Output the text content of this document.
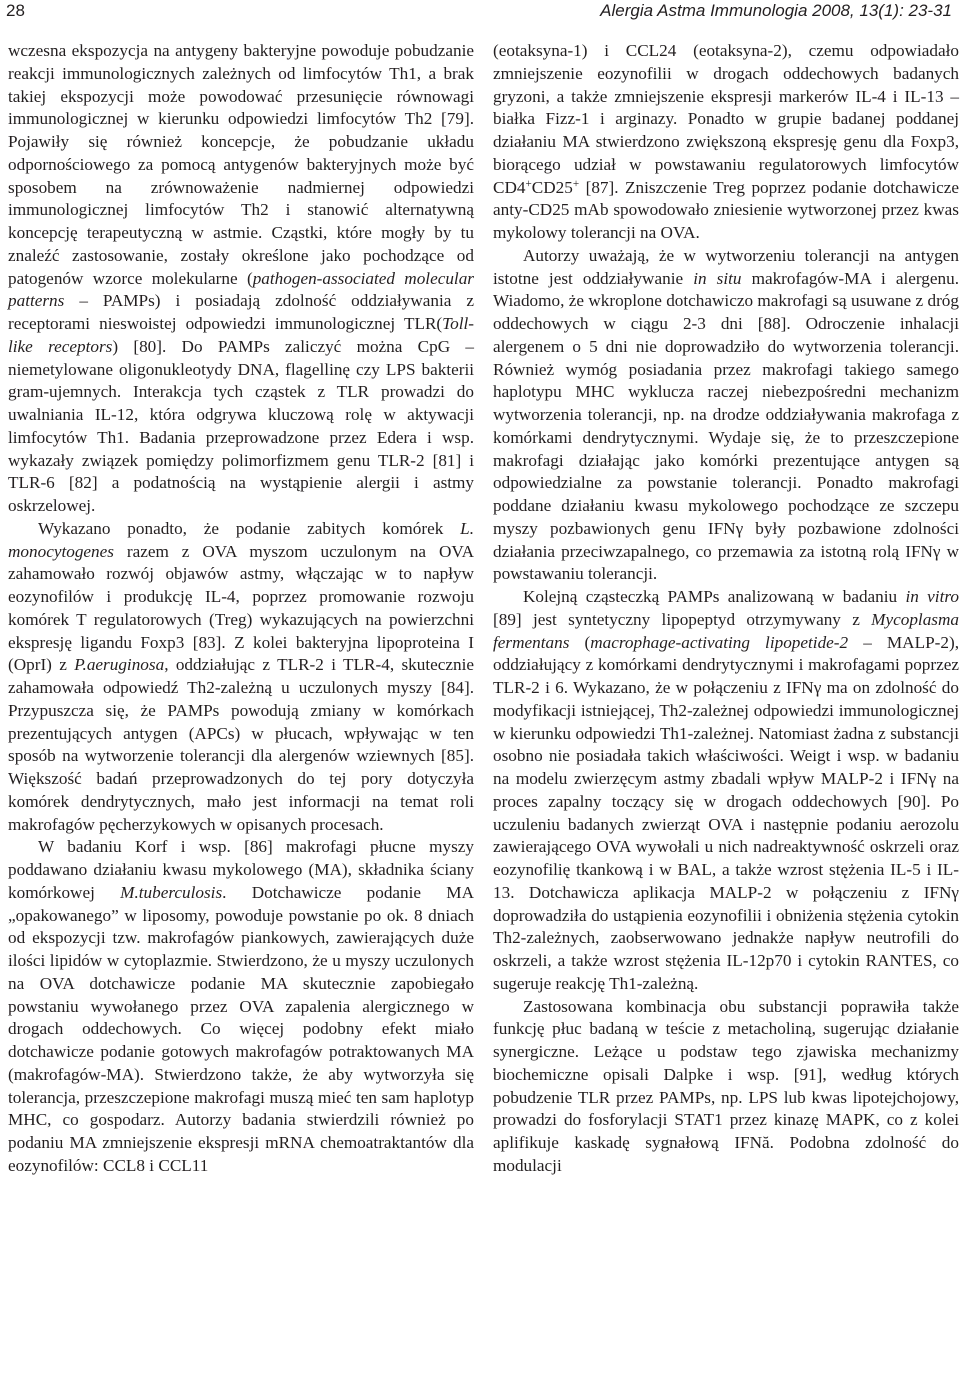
28	Alergia Astma Immunologia 2008, 13(1): 23-31

wczesna ekspozycja na antygeny bakteryjne powoduje pobudzanie reakcji immunologicznych zależnych od limfocytów Th1, a brak takiej ekspozycji może powodować przesunięcie równowagi immunologicznej w kierunku odpowiedzi limfocytów Th2 [79]. Pojawiły się również koncepcje, że pobudzanie układu odpornościowego za pomocą antygenów bakteryjnych może być sposobem na zrównoważenie nadmiernej odpowiedzi immunologicznej limfocytów Th2 i stanowić alternatywną koncepcję terapeutyczną w astmie. Cząstki, które mogły by tu znaleźć zastosowanie, zostały określone jako pochodzące od patogenów wzorce molekularne (pathogen-associated molecular patterns – PAMPs) i posiadają zdolność oddziaływania z receptorami nieswoistej odpowiedzi immunologicznej TLR(Toll-like receptors) [80]. Do PAMPs zaliczyć można CpG – niemetylowane oligonukleotydy DNA, flagellinę czy LPS bakterii gram-ujemnych. Interakcja tych cząstek z TLR prowadzi do uwalniania IL-12, która odgrywa kluczową rolę w aktywacji limfocytów Th1. Badania przeprowadzone przez Edera i wsp. wykazały związek pomiędzy polimorfizmem genu TLR-2 [81] i TLR-6 [82] a podatnością na wystąpienie alergii i astmy oskrzelowej.

Wykazano ponadto, że podanie zabitych komórek L. monocytogenes razem z OVA myszom uczulonym na OVA zahamowało rozwój objawów astmy, włączając w to napływ eozynofilów i produkcję IL-4, poprzez promowanie rozwoju komórek T regulatorowych (Treg) wykazujących na powierzchni ekspresję ligandu Foxp3 [83]. Z kolei bakteryjna lipoproteina I (OprI) z P.aeruginosa, oddziałując z TLR-2 i TLR-4, skutecznie zahamowała odpowiedź Th2-zależną u uczulonych myszy [84]. Przypuszcza się, że PAMPs powodują zmiany w komórkach prezentujących antygen (APCs) w płucach, wpływając w ten sposób na wytworzenie tolerancji dla alergenów wziewnych [85]. Większość badań przeprowadzonych do tej pory dotyczyła komórek dendrytycznych, mało jest informacji na temat roli makrofagów pęcherzykowych w opisanych procesach.

W badaniu Korf i wsp. [86] makrofagi płucne myszy poddawano działaniu kwasu mykolowego (MA), składnika ściany komórkowej M.tuberculosis. Dotchawicze podanie MA „opakowanego” w liposomy, powoduje powstanie po ok. 8 dniach od ekspozycji tzw. makrofagów piankowych, zawierających duże ilości lipidów w cytoplazmie. Stwierdzono, że u myszy uczulonych na OVA dotchawicze podanie MA skutecznie zapobiegało powstaniu wywołanego przez OVA zapalenia alergicznego w drogach oddechowych. Co więcej podobny efekt miało dotchawicze podanie gotowych makrofagów potraktowanych MA (makrofagów-MA). Stwierdzono także, że aby wytworzyła się tolerancja, przeszczepione makrofagi muszą mieć ten sam haplotyp MHC, co gospodarz. Autorzy badania stwierdzili również po podaniu MA zmniejszenie ekspresji mRNA chemoatraktantów dla eozynofilów: CCL8 i CCL11

(eotaksyna-1) i CCL24 (eotaksyna-2), czemu odpowiadało zmniejszenie eozynofilii w drogach oddechowych badanych gryzoni, a także zmniejszenie ekspresji markerów IL-4 i IL-13 – białka Fizz-1 i arginazy. Ponadto w grupie badanej poddanej działaniu MA stwierdzono zwiększoną ekspresję genu dla Foxp3, biorącego udział w powstawaniu regulatorowych limfocytów CD4+CD25+ [87]. Zniszczenie Treg poprzez podanie dotchawicze anty-CD25 mAb spowodowało zniesienie wytworzonej przez kwas mykolowy tolerancji na OVA.

Autorzy uważają, że w wytworzeniu tolerancji na antygen istotne jest oddziaływanie in situ makrofagów-MA i alergenu. Wiadomo, że wkroplone dotchawiczo makrofagi są usuwane z dróg oddechowych w ciągu 2-3 dni [88]. Odroczenie inhalacji alergenem o 5 dni nie doprowadziło do wytworzenia tolerancji. Również wymóg posiadania przez makrofagi takiego samego haplotypu MHC wyklucza raczej niebezpośredni mechanizm wytworzenia tolerancji, np. na drodze oddziaływania makrofaga z komórkami dendrytycznymi. Wydaje się, że to przeszczepione makrofagi działając jako komórki prezentujące antygen są odpowiedzialne za powstanie tolerancji. Ponadto makrofagi poddane działaniu kwasu mykolowego pochodzące ze szczepu myszy pozbawionych genu IFNγ były pozbawione zdolności działania przeciwzapalnego, co przemawia za istotną rolą IFNγ w powstawaniu tolerancji.

Kolejną cząsteczką PAMPs analizowaną w badaniu in vitro [89] jest syntetyczny lipopeptyd otrzymywany z Mycoplasma fermentans (macrophage-activating lipopetide-2 – MALP-2), oddziałujący z komórkami dendrytycznymi i makrofagami poprzez TLR-2 i 6. Wykazano, że w połączeniu z IFNγ ma on zdolność do modyfikacji istniejącej, Th2-zależnej odpowiedzi immunologicznej w kierunku odpowiedzi Th1-zależnej. Natomiast żadna z substancji osobno nie posiadała takich właściwości. Weigt i wsp. w badaniu na modelu zwierzęcym astmy zbadali wpływ MALP-2 i IFNγ na proces zapalny toczący się w drogach oddechowych [90]. Po uczuleniu badanych zwierząt OVA i następnie podaniu aerozolu zawierającego OVA wywołali u nich nadreaktywność oskrzeli oraz eozynofilię tkankową i w BAL, a także wzrost stężenia IL-5 i IL-13. Dotchawicza aplikacja MALP-2 w połączeniu z IFNγ doprowadziła do ustąpienia eozynofilii i obniżenia stężenia cytokin Th2-zależnych, zaobserwowano jednakże napływ neutrofili do oskrzeli, a także wzrost stężenia IL-12p70 i cytokin RANTES, co sugeruje reakcję Th1-zależną.

Zastosowana kombinacja obu substancji poprawiła także funkcję płuc badaną w teście z metacholiną, sugerując działanie synergiczne. Leżące u podstaw tego zjawiska mechanizmy biochemiczne opisali Dalpke i wsp. [91], według których pobudzenie TLR przez PAMPs, np. LPS lub kwas lipotejchojowy, prowadzi do fosforylacji STAT1 przez kinazę MAPK, co z kolei aplifikuje kaskadę sygnałową IFNă. Podobna zdolność do modulacji
